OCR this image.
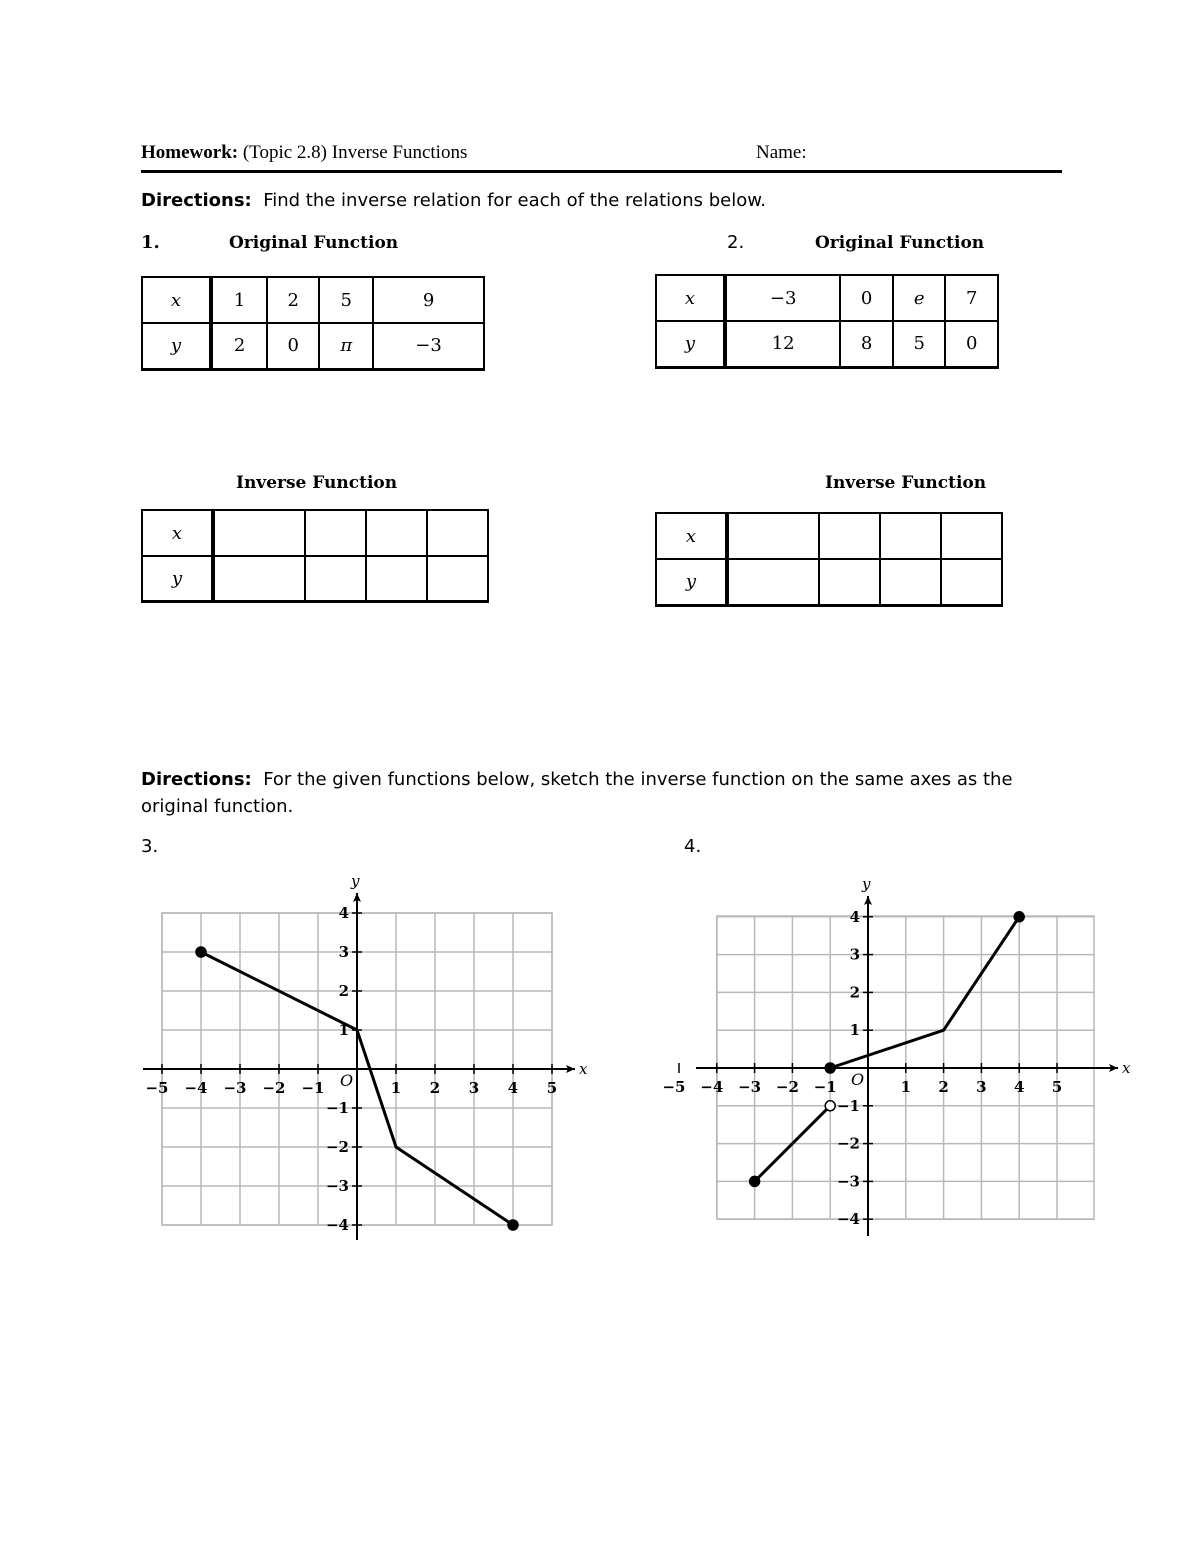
Homework: (Topic 2.8) Inverse Functions	Name:
Directions: Find the inverse relation for each of the relations below.
1.	Original Function
x	1	2	5	9
y	2	0	π	−3
Inverse Function
x				
y				
2.	Original Function
x	−3	0	e	7
y	12	8	5	0
Inverse Function
x				
y				
Directions: For the given functions below, sketch the inverse function on the same axes as the original function.
3.	4.
x
y
O
−5 −4 −3 −2 −1	1 2 3 4 5
4
3
2
1
−1
−2
−3
−4
x
y
O
−5 −4 −3 −2 −1	1 2 3 4 5
4
3
2
1
−1
−2
−3
−4
